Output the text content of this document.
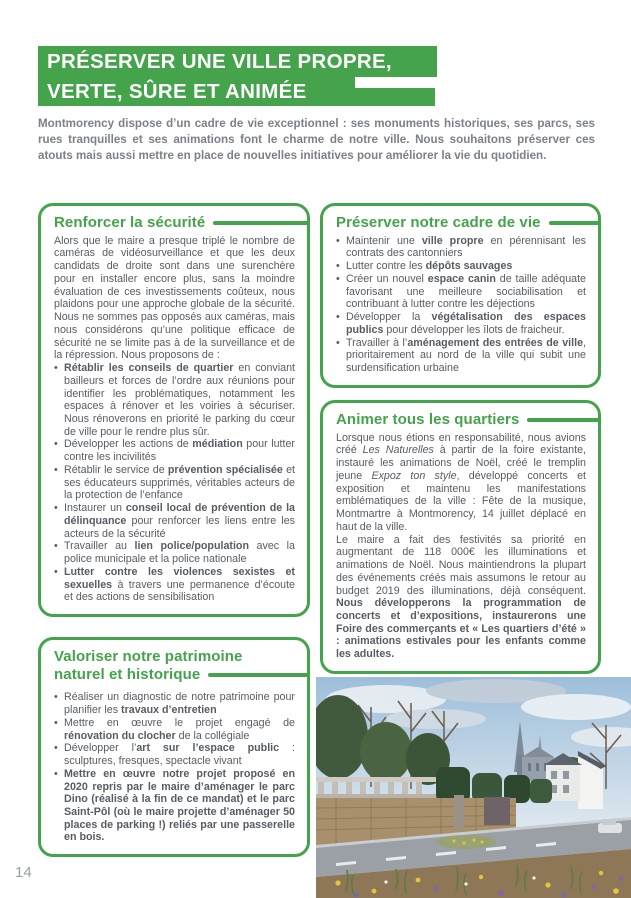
PRÉSERVER UNE VILLE PROPRE,
VERTE, SÛRE ET ANIMÉE

Montmorency dispose d’un cadre de vie exceptionnel : ses monuments historiques, ses parcs, ses rues tranquilles et ses animations font le charme de notre ville. Nous souhaitons préserver ces atouts mais aussi mettre en place de nouvelles initiatives pour améliorer la vie du quotidien.

Renforcer la sécurité
Alors que le maire a presque triplé le nombre de caméras de vidéosurveillance et que les deux candidats de droite sont dans une surenchère pour en installer encore plus, sans la moindre évaluation de ces investissements coûteux, nous plaidons pour une approche globale de la sécurité. Nous ne sommes pas opposés aux caméras, mais nous considérons qu’une politique efficace de sécurité ne se limite pas à de la surveillance et de la répression. Nous proposons de :
• Rétablir les conseils de quartier en conviant bailleurs et forces de l’ordre aux réunions pour identifier les problématiques, notamment les espaces à rénover et les voiries à sécuriser. Nous rénoverons en priorité le parking du cœur de ville pour le rendre plus sûr.
• Développer les actions de médiation pour lutter contre les incivilités
• Rétablir le service de prévention spécialisée et ses éducateurs supprimés, véritables acteurs de la protection de l’enfance
• Instaurer un conseil local de prévention de la délinquance pour renforcer les liens entre les acteurs de la sécurité
• Travailler au lien police/population avec la police municipale et la police nationale
• Lutter contre les violences sexistes et sexuelles à travers une permanence d’écoute et des actions de sensibilisation
Valoriser notre patrimoine
naturel et historique
• Réaliser un diagnostic de notre patrimoine pour planifier les travaux d’entretien
• Mettre en œuvre le projet engagé de rénovation du clocher de la collégiale
• Développer l’art sur l’espace public : sculptures, fresques, spectacle vivant
• Mettre en œuvre notre projet proposé en 2020 repris par le maire d’aménager le parc Dino (réalisé à la fin de ce mandat) et le parc Saint-Pôl (où le maire projette d’aménager 50 places de parking !) reliés par une passerelle en bois.
Préserver notre cadre de vie
• Maintenir une ville propre en pérennisant les contrats des cantonniers
• Lutter contre les dépôts sauvages
• Créer un nouvel espace canin de taille adéquate favorisant une meilleure sociabilisation et contribuant à lutter contre les déjections
• Développer la végétalisation des espaces publics pour développer les îlots de fraicheur.
• Travailler à l’aménagement des entrées de ville, prioritairement au nord de la ville qui subit une surdensification urbaine
Animer tous les quartiers
Lorsque nous étions en responsabilité, nous avions créé Les Naturelles à partir de la foire existante, instauré les animations de Noël, créé le tremplin jeune Expoz ton style, développé concerts et exposition et maintenu les manifestations emblématiques de la ville : Fête de la musique, Montmartre à Montmorency, 14 juillet déplacé en haut de la ville.
Le maire a fait des festivités sa priorité en augmentant de 118 000€ les illuminations et animations de Noël. Nous maintiendrons la plupart des événements créés mais assumons le retour au budget 2019 des illuminations, déjà conséquent. Nous développerons la programmation de concerts et d’expositions, instaurerons une Foire des commerçants et « Les quartiers d’été » : animations estivales pour les enfants comme les adultes.
14
